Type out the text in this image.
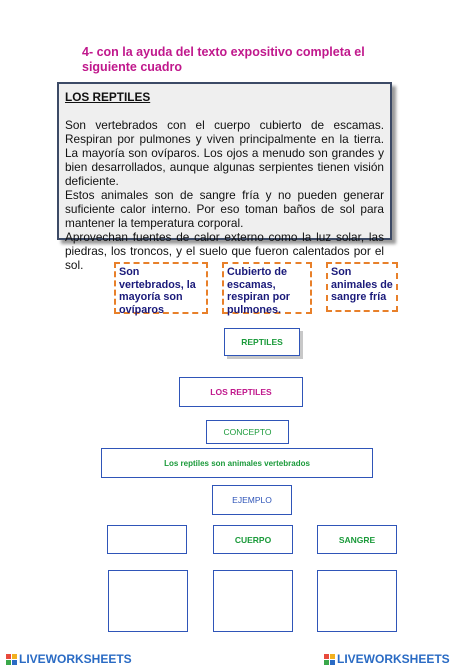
4- con la ayuda del texto expositivo completa el siguiente cuadro
LOS REPTILES

Son vertebrados con el cuerpo cubierto de escamas. Respiran por pulmones y viven principalmente en la tierra. La mayoría son ovíparos. Los ojos a menudo son grandes y bien desarrollados, aunque algunas serpientes tienen visión deficiente.

Estos animales son de sangre fría y no pueden generar suficiente calor interno. Por eso toman baños de sol para mantener la temperatura corporal.

Aprovechan fuentes de calor externo como la luz solar, las piedras, los troncos, y el suelo que fueron calentados por el sol.	Son vertebrados, la mayoría son ovíparos
Cubierto de escamas, respiran por pulmones.
Son animales de sangre fría
REPTILES
LOS REPTILES
CONCEPTO
Los reptiles son animales vertebrados
EJEMPLO
CUERPO	SANGRE
LIVEWORKSHEETS	LIVEWORKSHEETS
